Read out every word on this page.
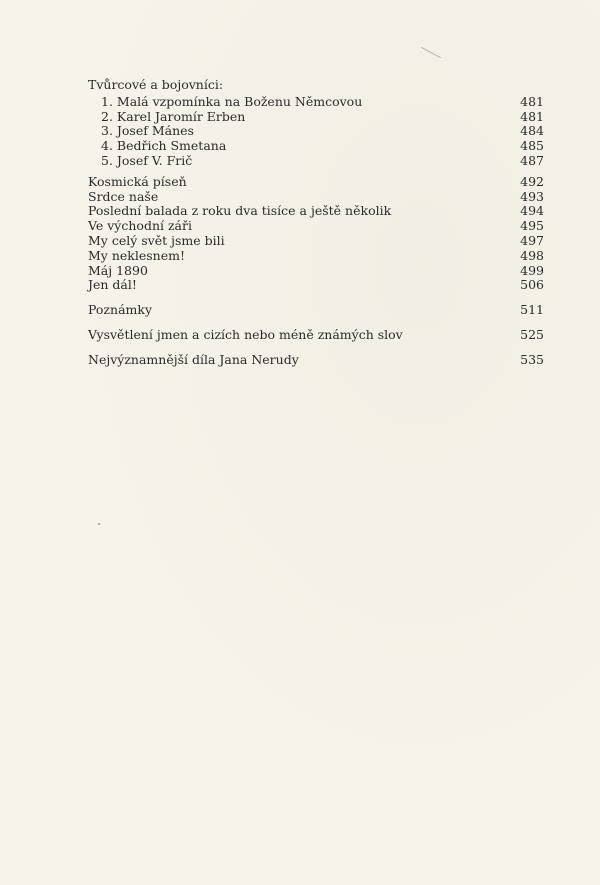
Tvůrcové a bojovníci:
1. Malá vzpomínka na Boženu Němcovou	481
2. Karel Jaromír Erben	481
3. Josef Mánes	484
4. Bedřich Smetana	485
5. Josef V. Frič	487
Kosmická píseň	492
Srdce naše	493
Poslední balada z roku dva tisíce a ještě několik	494
Ve východní záři	495
My celý svět jsme bili	497
My neklesnem!	498
Máj 1890	499
Jen dál!	506
Poznámky	511
Vysvětlení jmen a cizích nebo méně známých slov	525
Nejvýznamnější díla Jana Nerudy	535
